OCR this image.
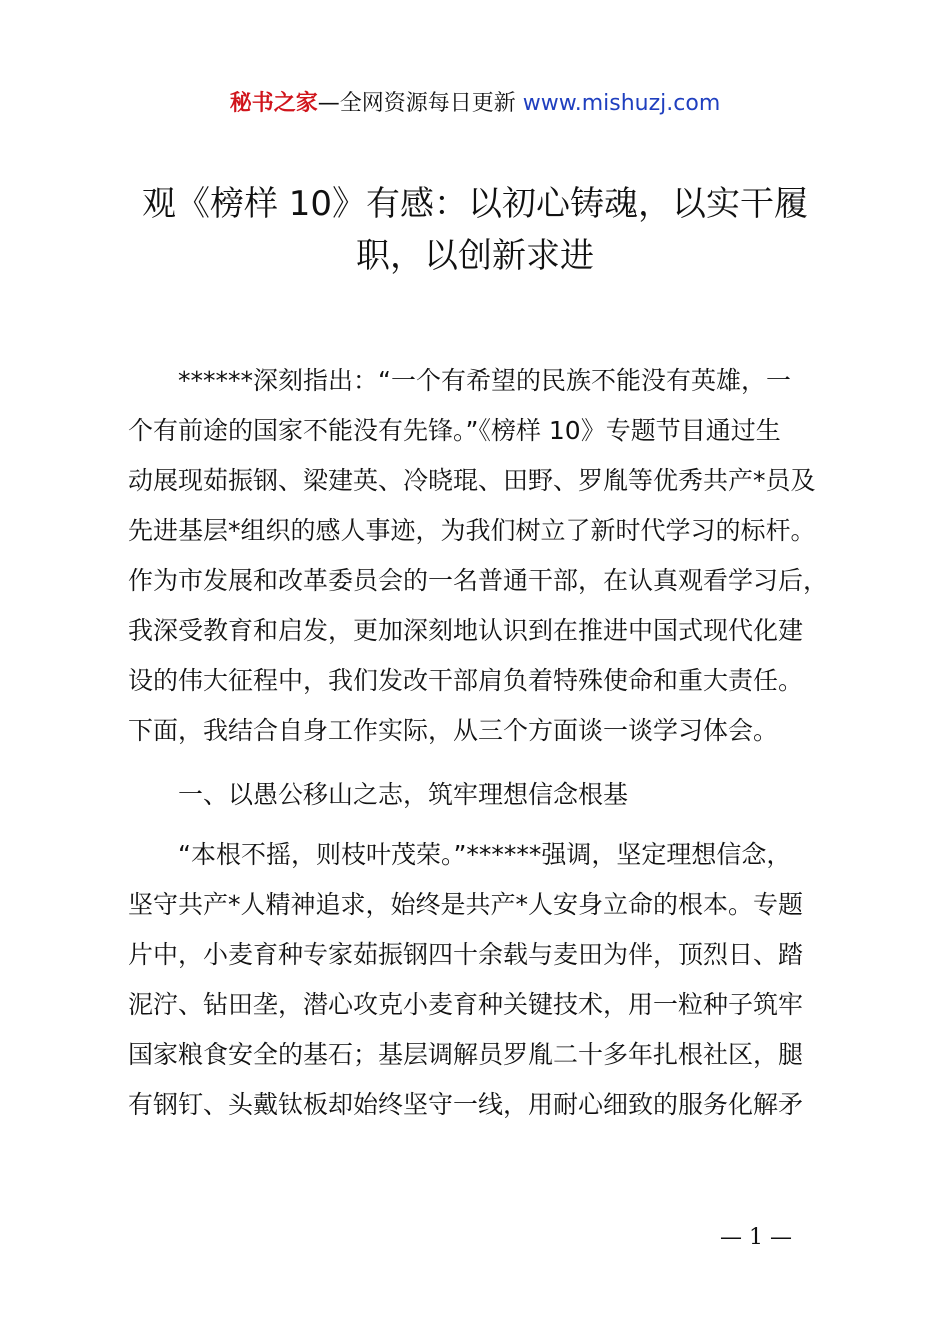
秘书之家—全网资源每日更新 www.mishuzj.com
观《榜样 10》有感：以初心铸魂，以实干履
职，以创新求进
******深刻指出：“一个有希望的民族不能没有英雄，一
个有前途的国家不能没有先锋。”《榜样 10》专题节目通过生
动展现茹振钢、梁建英、冷晓琨、田野、罗胤等优秀共产*员及
先进基层*组织的感人事迹，为我们树立了新时代学习的标杆。
作为市发展和改革委员会的一名普通干部，在认真观看学习后，
我深受教育和启发，更加深刻地认识到在推进中国式现代化建
设的伟大征程中，我们发改干部肩负着特殊使命和重大责任。
下面，我结合自身工作实际，从三个方面谈一谈学习体会。
一、以愚公移山之志，筑牢理想信念根基
“本根不摇，则枝叶茂荣。”******强调，坚定理想信念，
坚守共产*人精神追求，始终是共产*人安身立命的根本。专题
片中，小麦育种专家茹振钢四十余载与麦田为伴，顶烈日、踏
泥泞、钻田垄，潜心攻克小麦育种关键技术，用一粒种子筑牢
国家粮食安全的基石；基层调解员罗胤二十多年扎根社区，腿
有钢钉、头戴钛板却始终坚守一线，用耐心细致的服务化解矛
— 1 —
